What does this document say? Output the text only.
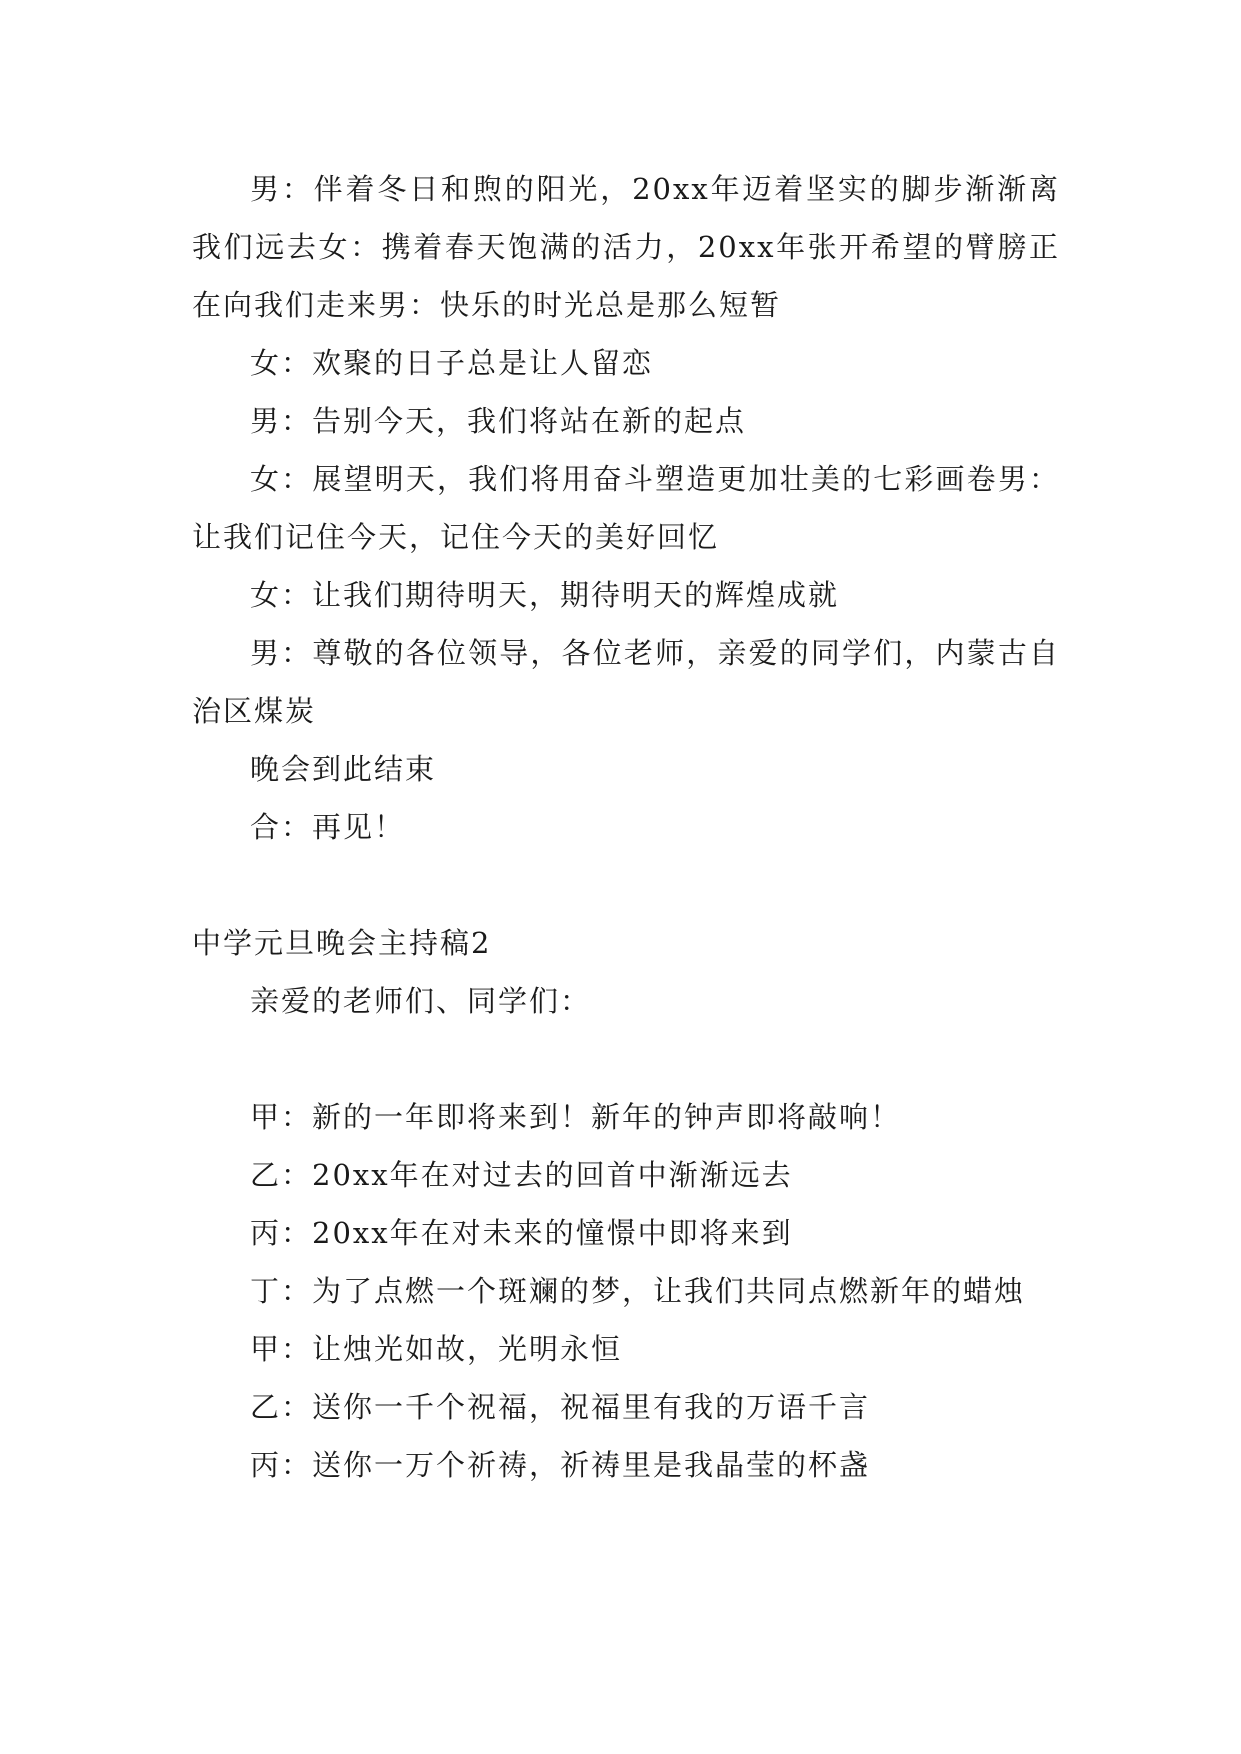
男：伴着冬日和煦的阳光，20xx年迈着坚实的脚步渐渐离我们远去女：携着春天饱满的活力，20xx年张开希望的臂膀正在向我们走来男：快乐的时光总是那么短暂

女：欢聚的日子总是让人留恋

男：告别今天，我们将站在新的起点

女：展望明天，我们将用奋斗塑造更加壮美的七彩画卷男：让我们记住今天，记住今天的美好回忆

女：让我们期待明天，期待明天的辉煌成就

男：尊敬的各位领导，各位老师，亲爱的同学们，内蒙古自治区煤炭

晚会到此结束

合：再见！

中学元旦晚会主持稿2

亲爱的老师们、同学们：

甲：新的一年即将来到！新年的钟声即将敲响！

乙：20xx年在对过去的回首中渐渐远去

丙：20xx年在对未来的憧憬中即将来到

丁：为了点燃一个斑斓的梦，让我们共同点燃新年的蜡烛

甲：让烛光如故，光明永恒

乙：送你一千个祝福，祝福里有我的万语千言

丙：送你一万个祈祷，祈祷里是我晶莹的杯盏
